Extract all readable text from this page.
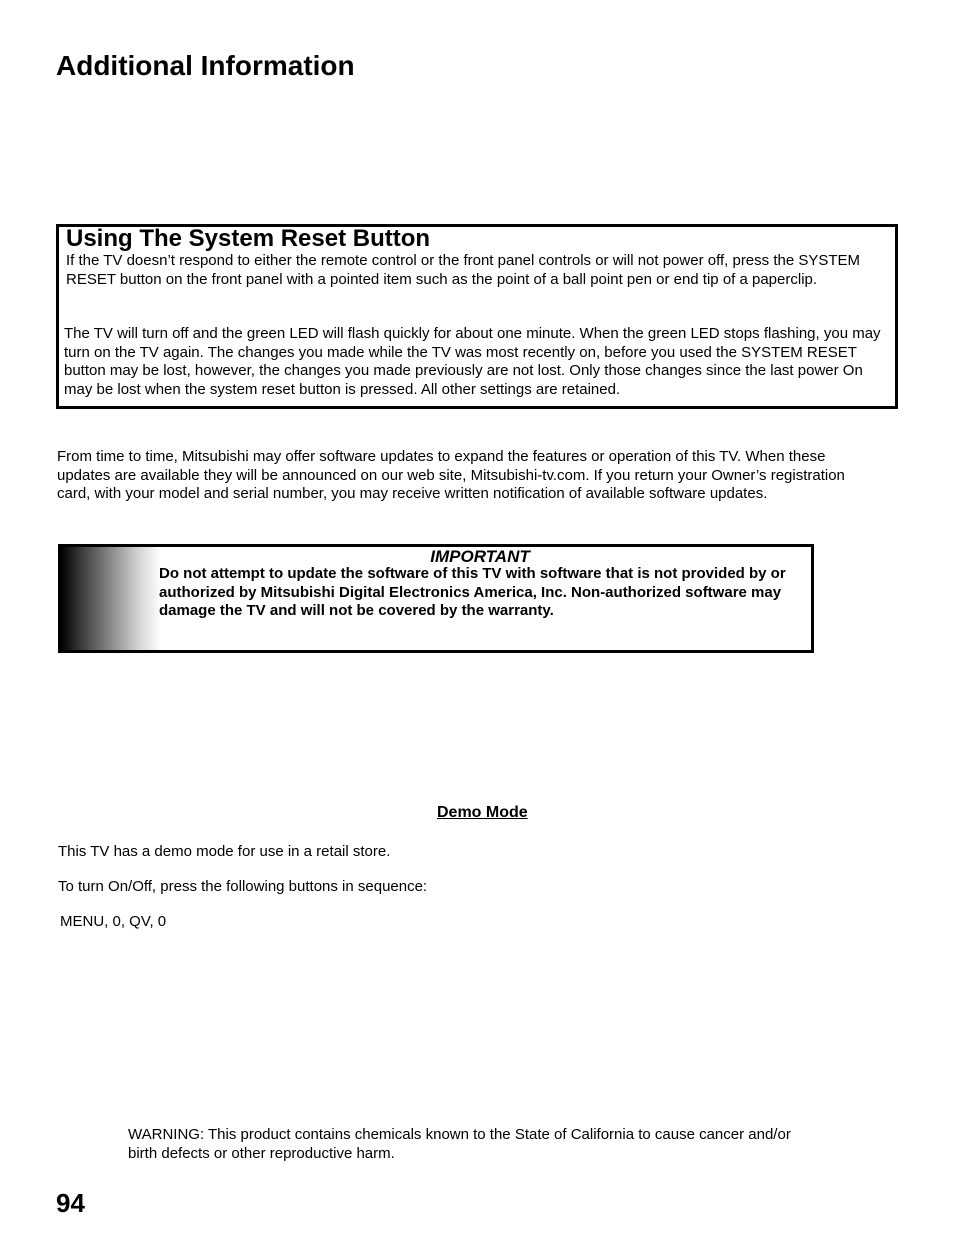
Additional Information
Using The System Reset Button
If the TV doesn’t respond to either the remote control or the front panel controls or will not power off, press the SYSTEM RESET button on the front panel with a pointed item such as the point of a ball point pen or end tip of a paperclip.
The TV will turn off and the green LED will flash quickly for about one minute. When the green LED stops flashing, you may turn on the TV again. The changes you made while the TV was most recently on, before you used the SYSTEM RESET button may be lost, however, the changes you made previously are not lost. Only those changes since the last power On may be lost when the system reset button is pressed. All other settings are retained.
From time to time, Mitsubishi may offer software updates to expand the features or operation of this TV. When these updates are available they will be announced on our web site, Mitsubishi-tv.com. If you return your Owner’s registration card, with your model and serial number, you may receive written notification of available software updates.
IMPORTANT
Do not attempt to update the software of this TV with software that is not provided by or authorized by Mitsubishi Digital Electronics America, Inc. Non-authorized software may damage the TV and will not be covered by the warranty.
Demo Mode
This TV has a demo mode for use in a retail store.
To turn On/Off, press the following buttons in sequence:
MENU, 0, QV, 0
WARNING: This product contains chemicals known to the State of California to cause cancer and/or birth defects or other reproductive harm.
94
